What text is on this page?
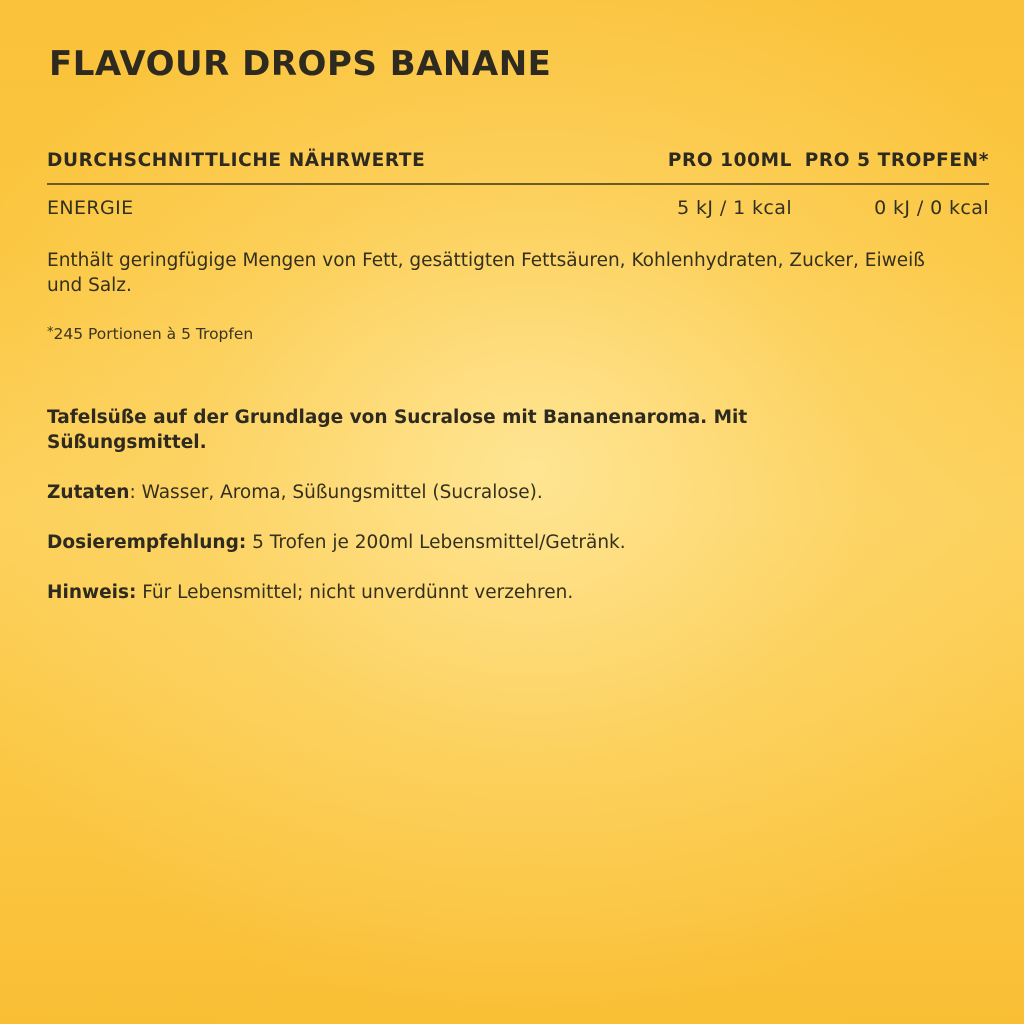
FLAVOUR DROPS BANANE
DURCHSCHNITTLICHE NÄHRWERTE	PRO 100ML	PRO 5 TROPFEN*
ENERGIE	5 kJ / 1 kcal	0 kJ / 0 kcal

Enthält geringfügige Mengen von Fett, gesättigten Fettsäuren, Kohlenhydraten, Zucker, Eiweiß und Salz.

*245 Portionen à 5 Tropfen

Tafelsüße auf der Grundlage von Sucralose mit Bananenaroma. Mit Süßungsmittel.

Zutaten: Wasser, Aroma, Süßungsmittel (Sucralose).

Dosierempfehlung: 5 Trofen je 200ml Lebensmittel/Getränk.

Hinweis: Für Lebensmittel; nicht unverdünnt verzehren.
